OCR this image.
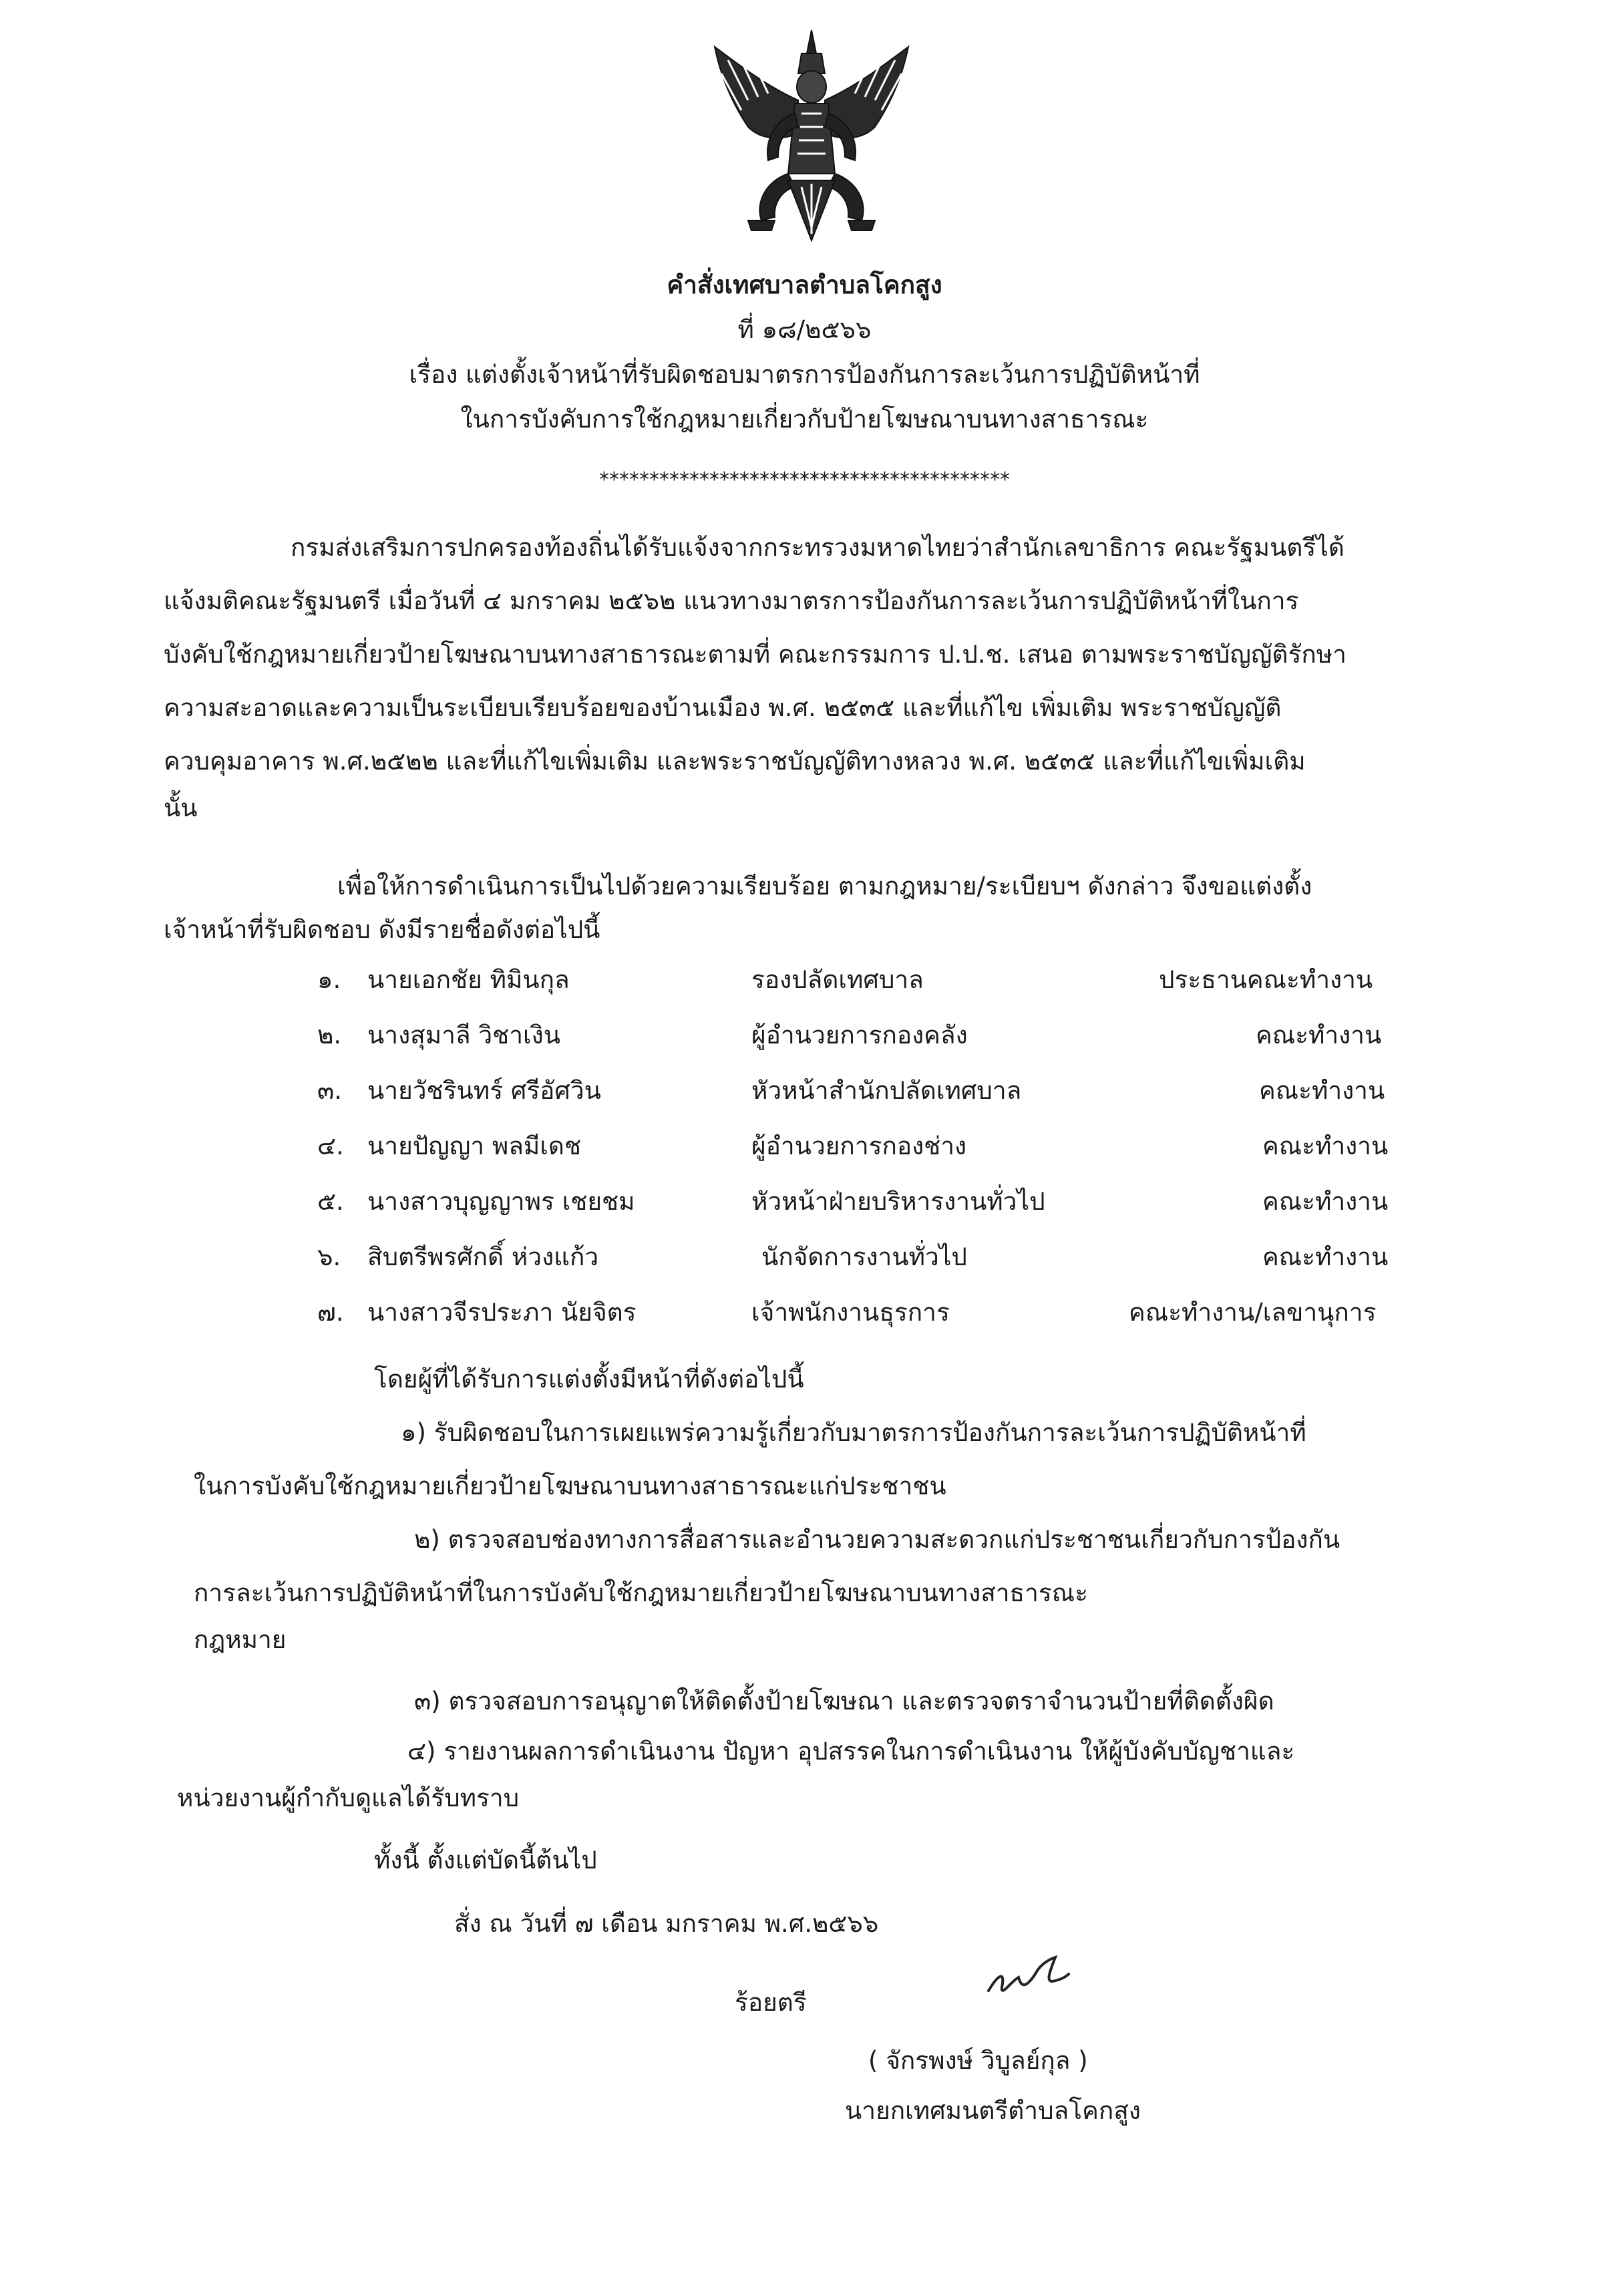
คำสั่งเทศบาลตำบลโคกสูง
ที่ ๑๘/๒๕๖๖
เรื่อง แต่งตั้งเจ้าหน้าที่รับผิดชอบมาตรการป้องกันการละเว้นการปฏิบัติหน้าที่
ในการบังคับการใช้กฎหมายเกี่ยวกับป้ายโฆษณาบนทางสาธารณะ
*****************************************
กรมส่งเสริมการปกครองท้องถิ่นได้รับแจ้งจากกระทรวงมหาดไทยว่าสำนักเลขาธิการ คณะรัฐมนตรีได้
แจ้งมติคณะรัฐมนตรี เมื่อวันที่ ๔ มกราคม ๒๕๖๒ แนวทางมาตรการป้องกันการละเว้นการปฏิบัติหน้าที่ในการ
บังคับใช้กฎหมายเกี่ยวป้ายโฆษณาบนทางสาธารณะตามที่ คณะกรรมการ ป.ป.ช. เสนอ ตามพระราชบัญญัติรักษา
ความสะอาดและความเป็นระเบียบเรียบร้อยของบ้านเมือง พ.ศ. ๒๕๓๕ และที่แก้ไข เพิ่มเติม พระราชบัญญัติ
ควบคุมอาคาร พ.ศ.๒๕๒๒ และที่แก้ไขเพิ่มเติม และพระราชบัญญัติทางหลวง พ.ศ. ๒๕๓๕ และที่แก้ไขเพิ่มเติม
นั้น
เพื่อให้การดำเนินการเป็นไปด้วยความเรียบร้อย ตามกฎหมาย/ระเบียบฯ ดังกล่าว จึงขอแต่งตั้ง
เจ้าหน้าที่รับผิดชอบ ดังมีรายชื่อดังต่อไปนี้
๑. นายเอกชัย ทิมินกุล	รองปลัดเทศบาล	ประธานคณะทำงาน
๒. นางสุมาลี วิชาเงิน	ผู้อำนวยการกองคลัง	คณะทำงาน
๓. นายวัชรินทร์ ศรีอัศวิน	หัวหน้าสำนักปลัดเทศบาล	คณะทำงาน
๔. นายปัญญา พลมีเดช	ผู้อำนวยการกองช่าง	คณะทำงาน
๕. นางสาวบุญญาพร เชยชม	หัวหน้าฝ่ายบริหารงานทั่วไป	คณะทำงาน
๖. สิบตรีพรศักดิ์ ห่วงแก้ว	นักจัดการงานทั่วไป	คณะทำงาน
๗. นางสาวจีรประภา นัยจิตร	เจ้าพนักงานธุรการ	คณะทำงาน/เลขานุการ
โดยผู้ที่ได้รับการแต่งตั้งมีหน้าที่ดังต่อไปนี้
๑) รับผิดชอบในการเผยแพร่ความรู้เกี่ยวกับมาตรการป้องกันการละเว้นการปฏิบัติหน้าที่
ในการบังคับใช้กฎหมายเกี่ยวป้ายโฆษณาบนทางสาธารณะแก่ประชาชน
๒) ตรวจสอบช่องทางการสื่อสารและอำนวยความสะดวกแก่ประชาชนเกี่ยวกับการป้องกัน
การละเว้นการปฏิบัติหน้าที่ในการบังคับใช้กฎหมายเกี่ยวป้ายโฆษณาบนทางสาธารณะ
กฎหมาย
๓) ตรวจสอบการอนุญาตให้ติดตั้งป้ายโฆษณา และตรวจตราจำนวนป้ายที่ติดตั้งผิด
๔) รายงานผลการดำเนินงาน ปัญหา อุปสรรคในการดำเนินงาน ให้ผู้บังคับบัญชาและ
หน่วยงานผู้กำกับดูแลได้รับทราบ
ทั้งนี้ ตั้งแต่บัดนี้ต้นไป
สั่ง ณ วันที่ ๗ เดือน มกราคม พ.ศ.๒๕๖๖
ร้อยตรี
( จักรพงษ์ วิบูลย์กุล )
นายกเทศมนตรีตำบลโคกสูง
